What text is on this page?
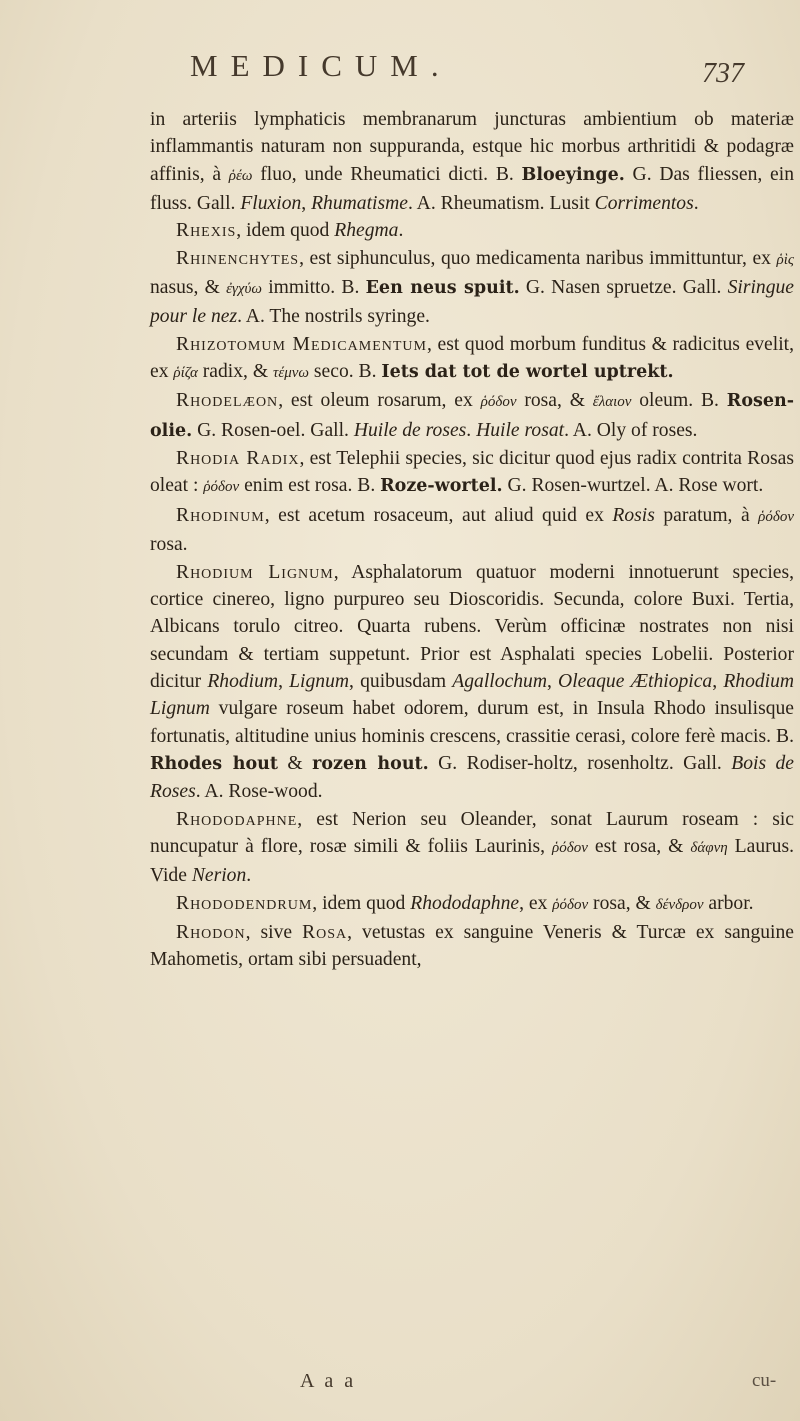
MEDICUM.	737

in arteriis lymphaticis membranarum juncturas ambientium ob materiæ inflammantis naturam non suppuranda, estque hic morbus arthritidi & podagræ affinis, à ῥέω fluo, unde Rheumatici dicti. B. Bloeyinge. G. Das fliessen, ein fluss. Gall. Fluxion, Rhumatisme. A. Rheumatism. Lusit Corrimentos.

Rhexis, idem quod Rhegma.

Rhinenchytes, est siphunculus, quo medicamenta naribus immittuntur, ex ῥὶς nasus, & ἐγχύω immitto. B. Een neus spuit. G. Nasen spruetze. Gall. Siringue pour le nez. A. The nostrils syringe.

Rhizotomum Medicamentum, est quod morbum funditus & radicitus evelit, ex ῥίζα radix, & τέμνω seco. B. Iets dat tot de wortel uptrekt.

Rhodelæon, est oleum rosarum, ex ῥόδον rosa, & ἔλαιον oleum. B. Rosen-olie. G. Rosen-oel. Gall. Huile de roses. Huile rosat. A. Oly of roses.

Rhodia Radix, est Telephii species, sic dicitur quod ejus radix contrita Rosas oleat : ῥόδον enim est rosa. B. Roze-wortel. G. Rosen-wurtzel. A. Rose wort.

Rhodinum, est acetum rosaceum, aut aliud quid ex Rosis paratum, à ῥόδον rosa.

Rhodium Lignum, Asphalatorum quatuor moderni innotuerunt species, cortice cinereo, ligno purpureo seu Dioscoridis. Secunda, colore Buxi. Tertia, Albicans torulo citreo. Quarta rubens. Verùm officinæ nostrates non nisi secundam & tertiam suppetunt. Prior est Asphalati species Lobelii. Posterior dicitur Rhodium, Lignum, quibusdam Agallochum, Oleaque Æthiopica, Rhodium Lignum vulgare roseum habet odorem, durum est, in Insula Rhodo insulisque fortunatis, altitudine unius hominis crescens, crassitie cerasi, colore ferè macis. B. Rhodes hout & rozen hout. G. Rodiser-holtz, rosenholtz. Gall. Bois de Roses. A. Rose-wood.

Rhododaphne, est Nerion seu Oleander, sonat Laurum roseam : sic nuncupatur à flore, rosæ simili & foliis Laurinis, ῥόδον est rosa, & δάφνη Laurus. Vide Nerion.

Rhododendrum, idem quod Rhododaphne, ex ῥόδον rosa, & δένδρον arbor.

Rhodon, sive Rosa, vetustas ex sanguine Veneris & Turcæ ex sanguine Mahometis, ortam sibi persuadent,

A a a	cu-
